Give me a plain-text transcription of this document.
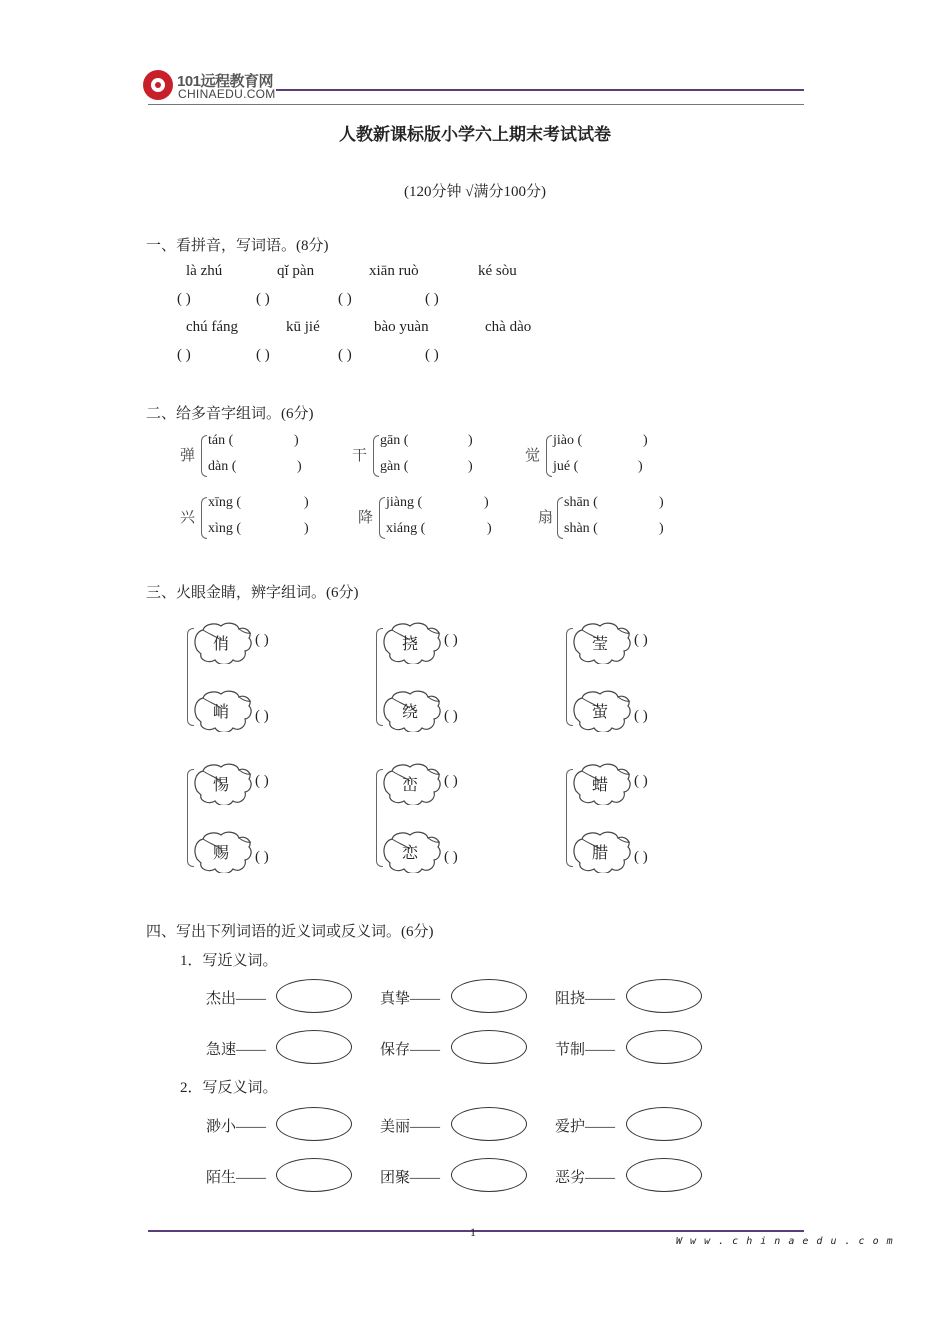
101远程教育网
CHINAEDU.COM
人教新课标版小学六上期末考试试卷
(120分钟 √满分100分)
一、看拼音，写词语。(8分)
là zhú	qǐ pàn	xiān ruò	ké sòu
( )	( )	( )	( )
chú fáng	kū jié	bào yuàn	chà dào
( )	( )	( )	( )
二、给多音字组词。(6分)
弹
tán (	)
dàn (	)
干
gān (	)
gàn (	)
觉
jiào (	)
jué (	)
兴
xīng (	)
xìng (	)
降
jiàng (	)
xiáng (	)
扇
shān (	)
shàn (	)
三、火眼金睛，辨字组词。(6分)
俏 ( )
峭 ( )
挠 ( )
绕 ( )
莹 ( )
萤 ( )
惕 ( )
赐 ( )
峦 ( )
恋 ( )
蜡 ( )
腊 ( )
四、写出下列词语的近义词或反义词。(6分)
1．写近义词。
杰出——	真挚——	阻挠——
急速——	保存——	节制——
2．写反义词。
渺小——	美丽——	爱护——
陌生——	团聚——	恶劣——
1
W w w . c h i n a e d u . c o m
